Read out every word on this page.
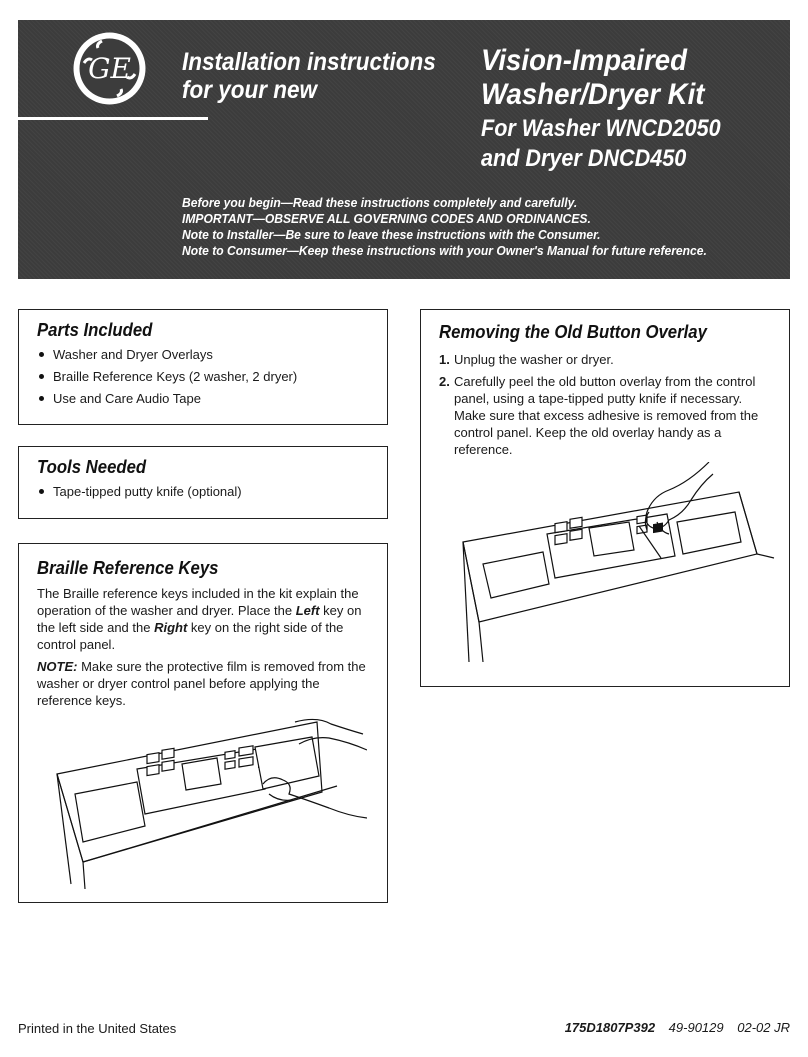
GE Installation instructions
for your new
Vision-Impaired
Washer/Dryer Kit
For Washer WNCD2050
and Dryer DNCD450
Before you begin—Read these instructions completely and carefully.
IMPORTANT—OBSERVE ALL GOVERNING CODES AND ORDINANCES.
Note to Installer—Be sure to leave these instructions with the Consumer.
Note to Consumer—Keep these instructions with your Owner's Manual for future reference.
Parts Included
Washer and Dryer Overlays
Braille Reference Keys (2 washer, 2 dryer)
Use and Care Audio Tape
Tools Needed
Tape-tipped putty knife (optional)
Braille Reference Keys

The Braille reference keys included in the kit explain the operation of the washer and dryer. Place the Left key on the left side and the Right key on the right side of the control panel.

NOTE: Make sure the protective film is removed from the washer or dryer control panel before applying the reference keys.

Removing the Old Button Overlay
1. Unplug the washer or dryer.
2. Carefully peel the old button overlay from the control panel, using a tape-tipped putty knife if necessary. Make sure that excess adhesive is removed from the control panel. Keep the old overlay handy as a reference.
Printed in the United States	175D1807P392 49-90129 02-02 JR
